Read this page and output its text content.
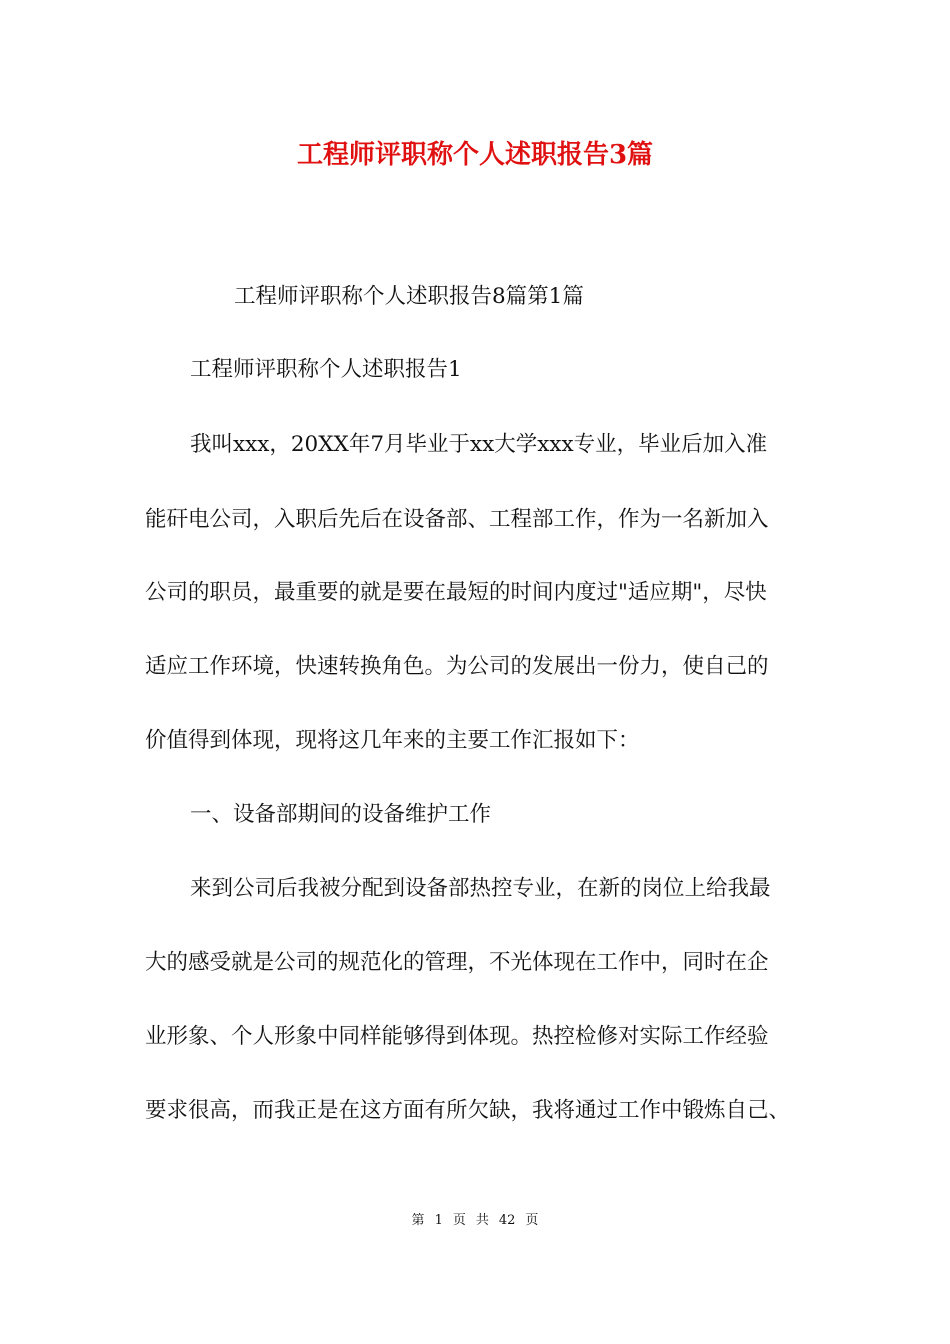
工程师评职称个人述职报告3篇
工程师评职称个人述职报告8篇第1篇
工程师评职称个人述职报告1
我叫xxx，20XX年7月毕业于xx大学xxx专业，毕业后加入准
能矸电公司，入职后先后在设备部、工程部工作，作为一名新加入
公司的职员，最重要的就是要在最短的时间内度过"适应期"，尽快
适应工作环境，快速转换角色。为公司的发展出一份力，使自己的
价值得到体现，现将这几年来的主要工作汇报如下：
一、设备部期间的设备维护工作
来到公司后我被分配到设备部热控专业，在新的岗位上给我最
大的感受就是公司的规范化的管理，不光体现在工作中，同时在企
业形象、个人形象中同样能够得到体现。热控检修对实际工作经验
要求很高，而我正是在这方面有所欠缺，我将通过工作中锻炼自己、
第 1 页 共 42 页
